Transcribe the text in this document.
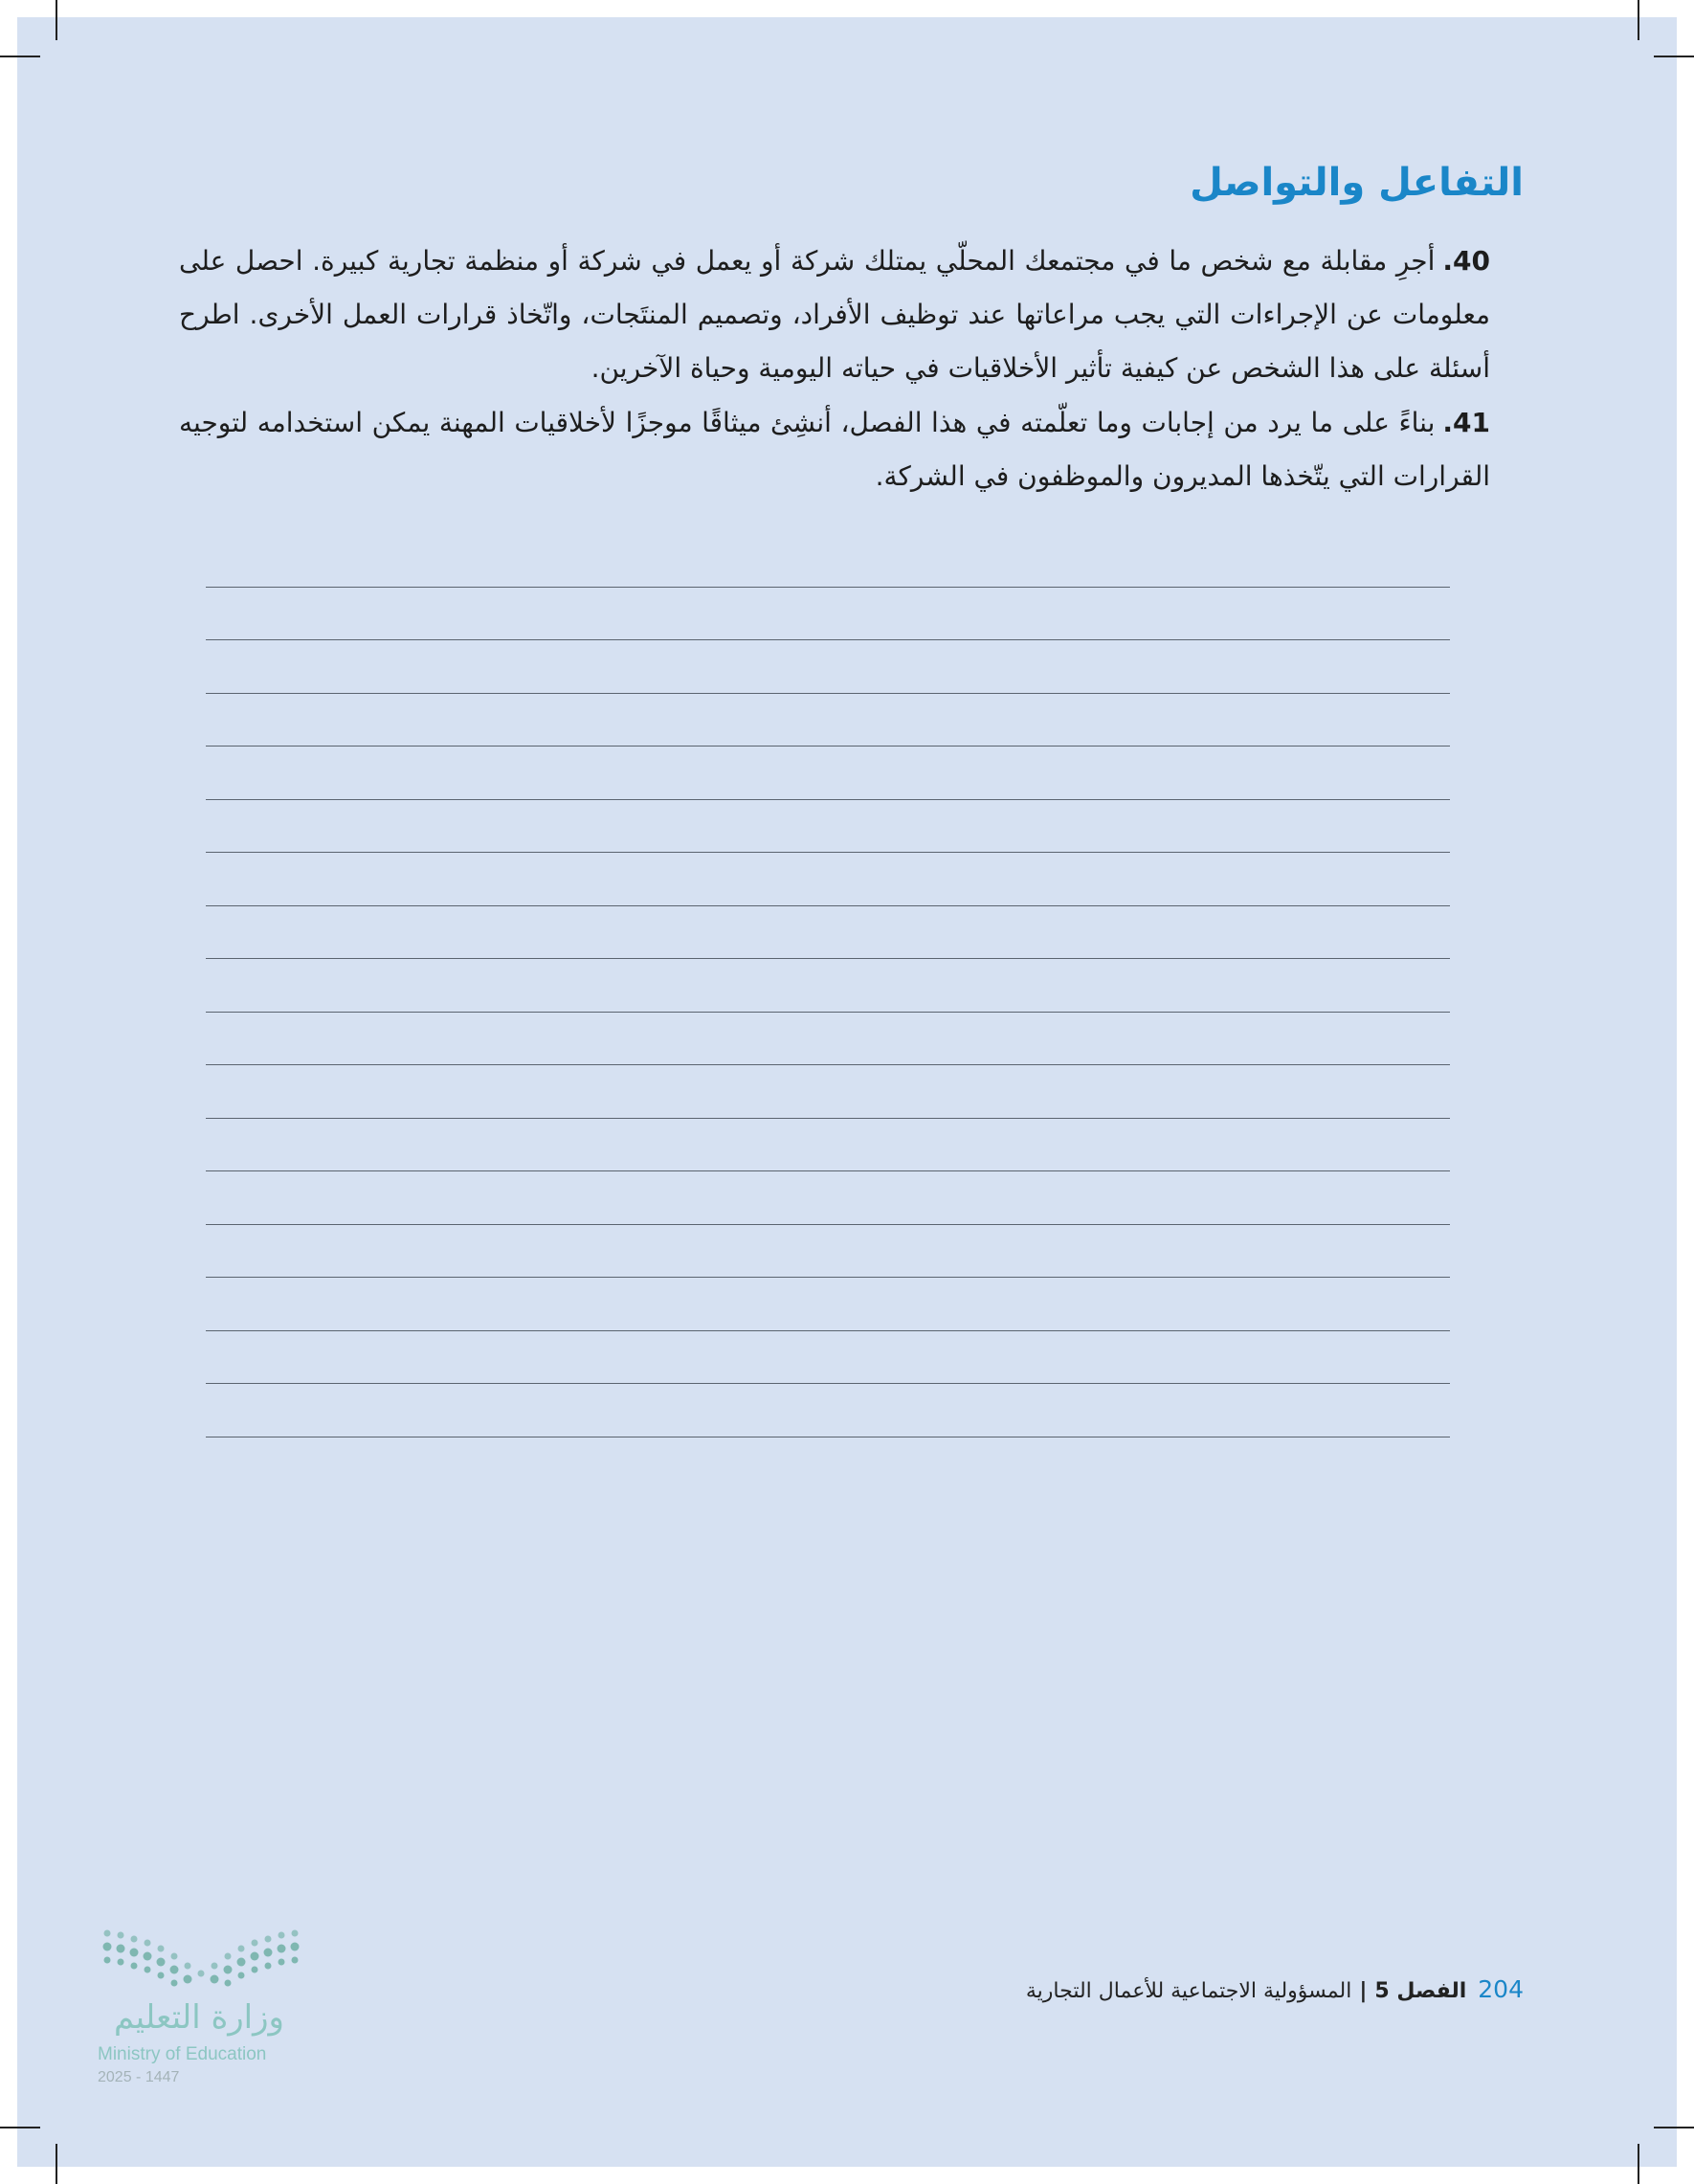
التفاعل والتواصل

40.أجرِ مقابلة مع شخص ما في مجتمعك المحلّي يمتلك شركة أو يعمل في شركة أو منظمة تجارية كبيرة. احصل على معلومات عن الإجراءات التي يجب مراعاتها عند توظيف الأفراد، وتصميم المنتَجات، واتّخاذ قرارات العمل الأخرى. اطرح أسئلة على هذا الشخص عن كيفية تأثير الأخلاقيات في حياته اليومية وحياة الآخرين.

41.بناءً على ما يرد من إجابات وما تعلّمته في هذا الفصل، أنشِئ ميثاقًا موجزًا لأخلاقيات المهنة يمكن استخدامه لتوجيه القرارات التي يتّخذها المديرون والموظفون في الشركة.

204الفصل 5|المسؤولية الاجتماعية للأعمال التجارية
وزارة التعليم
Ministry of Education
2025 - 1447
